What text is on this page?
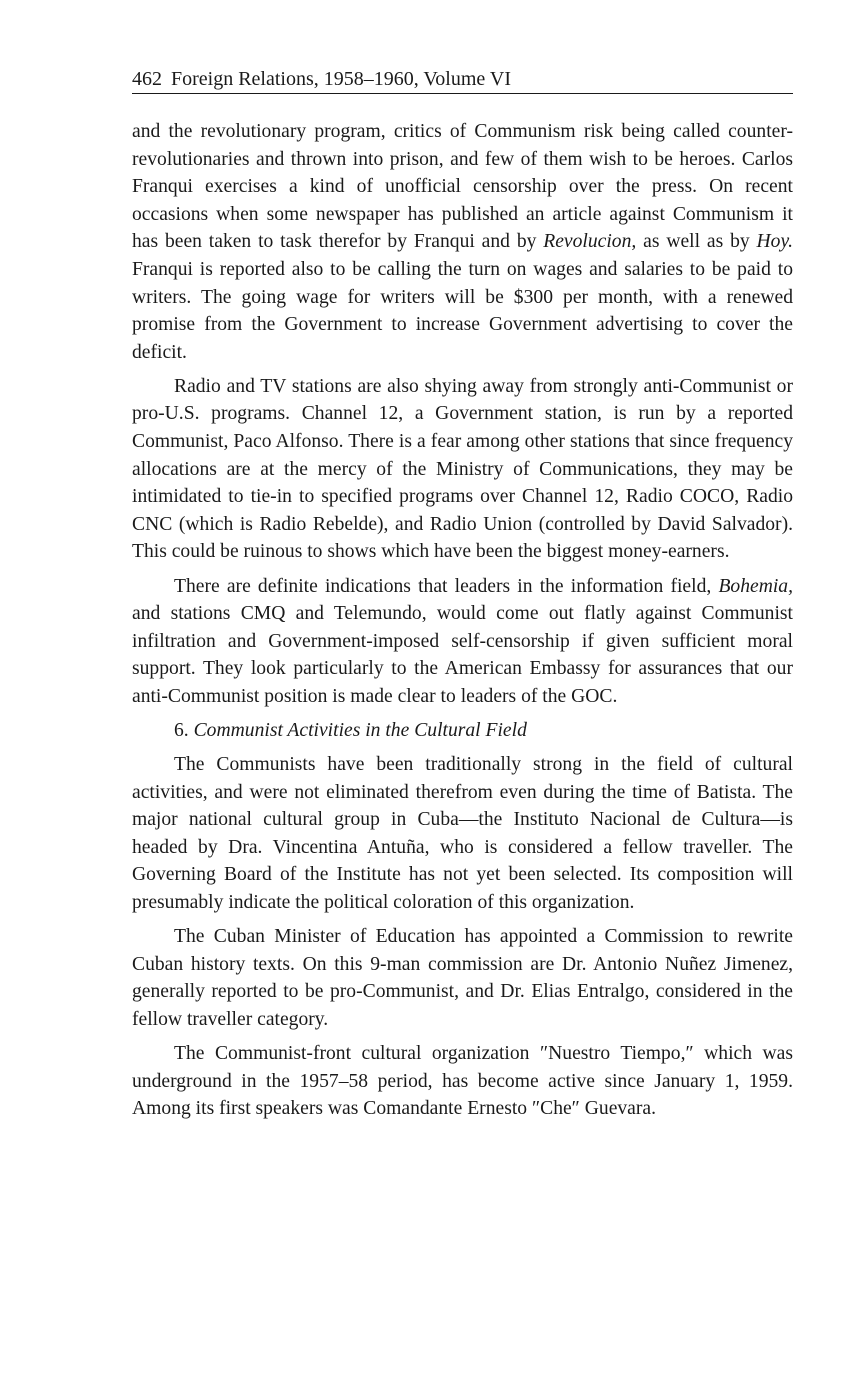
462 Foreign Relations, 1958–1960, Volume VI

and the revolutionary program, critics of Communism risk being called counter-revolutionaries and thrown into prison, and few of them wish to be heroes. Carlos Franqui exercises a kind of unofficial censorship over the press. On recent occasions when some newspaper has published an article against Communism it has been taken to task therefor by Franqui and by Revolucion, as well as by Hoy. Franqui is reported also to be calling the turn on wages and salaries to be paid to writers. The going wage for writers will be $300 per month, with a renewed promise from the Government to increase Government advertising to cover the deficit.

Radio and TV stations are also shying away from strongly anti-Communist or pro-U.S. programs. Channel 12, a Government station, is run by a reported Communist, Paco Alfonso. There is a fear among other stations that since frequency allocations are at the mercy of the Ministry of Communications, they may be intimidated to tie-in to specified programs over Channel 12, Radio COCO, Radio CNC (which is Radio Rebelde), and Radio Union (controlled by David Salvador). This could be ruinous to shows which have been the biggest money-earners.

There are definite indications that leaders in the information field, Bohemia, and stations CMQ and Telemundo, would come out flatly against Communist infiltration and Government-imposed self-censorship if given sufficient moral support. They look particularly to the American Embassy for assurances that our anti-Communist position is made clear to leaders of the GOC.

6. Communist Activities in the Cultural Field

The Communists have been traditionally strong in the field of cultural activities, and were not eliminated therefrom even during the time of Batista. The major national cultural group in Cuba—the Instituto Nacional de Cultura—is headed by Dra. Vincentina Antuña, who is considered a fellow traveller. The Governing Board of the Institute has not yet been selected. Its composition will presumably indicate the political coloration of this organization.

The Cuban Minister of Education has appointed a Commission to rewrite Cuban history texts. On this 9-man commission are Dr. Antonio Nuñez Jimenez, generally reported to be pro-Communist, and Dr. Elias Entralgo, considered in the fellow traveller category.

The Communist-front cultural organization ″Nuestro Tiempo,″ which was underground in the 1957–58 period, has become active since January 1, 1959. Among its first speakers was Comandante Ernesto ″Che″ Guevara.
